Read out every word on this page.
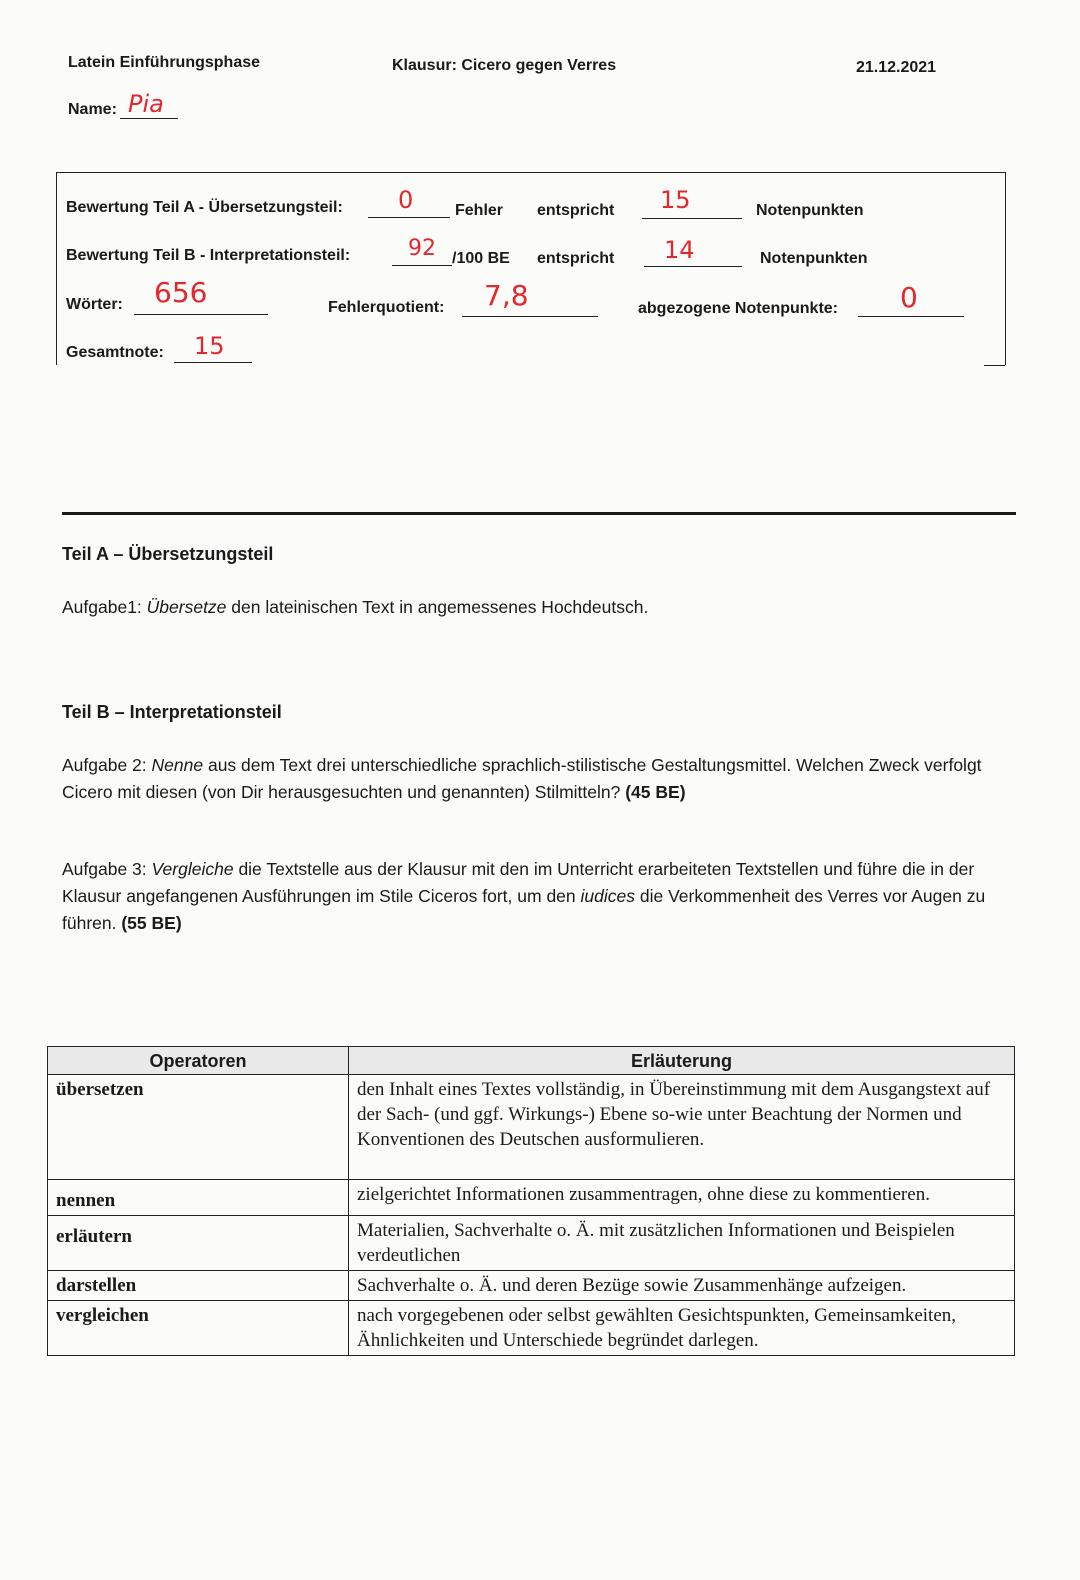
Latein Einführungsphase	Klausur: Cicero gegen Verres	21.12.2021
Name: Pia
Bewertung Teil A - Übersetzungsteil: 0	Fehler entspricht 15	Notenpunkten
Bewertung Teil B - Interpretationsteil:	92 /100 BE entspricht 14	Notenpunkten
Wörter: 656	Fehlerquotient: 7,8	abgezogene Notenpunkte: 0
Gesamtnote: 15
Teil A – Übersetzungsteil
Aufgabe1: Übersetze den lateinischen Text in angemessenes Hochdeutsch.
Teil B – Interpretationsteil
Aufgabe 2: Nenne aus dem Text drei unterschiedliche sprachlich-stilistische Gestaltungsmittel. Welchen Zweck verfolgt Cicero mit diesen (von Dir herausgesuchten und genannten) Stilmitteln? (45 BE)
Aufgabe 3: Vergleiche die Textstelle aus der Klausur mit den im Unterricht erarbeiteten Textstellen und führe die in der Klausur angefangenen Ausführungen im Stile Ciceros fort, um den iudices die Verkommenheit des Verres vor Augen zu führen. (55 BE)
Operatoren	Erläuterung
übersetzen	den Inhalt eines Textes vollständig, in Übereinstimmung mit dem Ausgangstext auf der Sach- (und ggf. Wirkungs-) Ebene so-wie unter Beachtung der Normen und Konventionen des Deutschen ausformulieren.
nennen	zielgerichtet Informationen zusammentragen, ohne diese zu kommentieren.
erläutern	Materialien, Sachverhalte o. Ä. mit zusätzlichen Informationen und Beispielen verdeutlichen
darstellen	Sachverhalte o. Ä. und deren Bezüge sowie Zusammenhänge aufzeigen.
vergleichen	nach vorgegebenen oder selbst gewählten Gesichtspunkten, Gemeinsamkeiten, Ähnlichkeiten und Unterschiede begründet darlegen.
